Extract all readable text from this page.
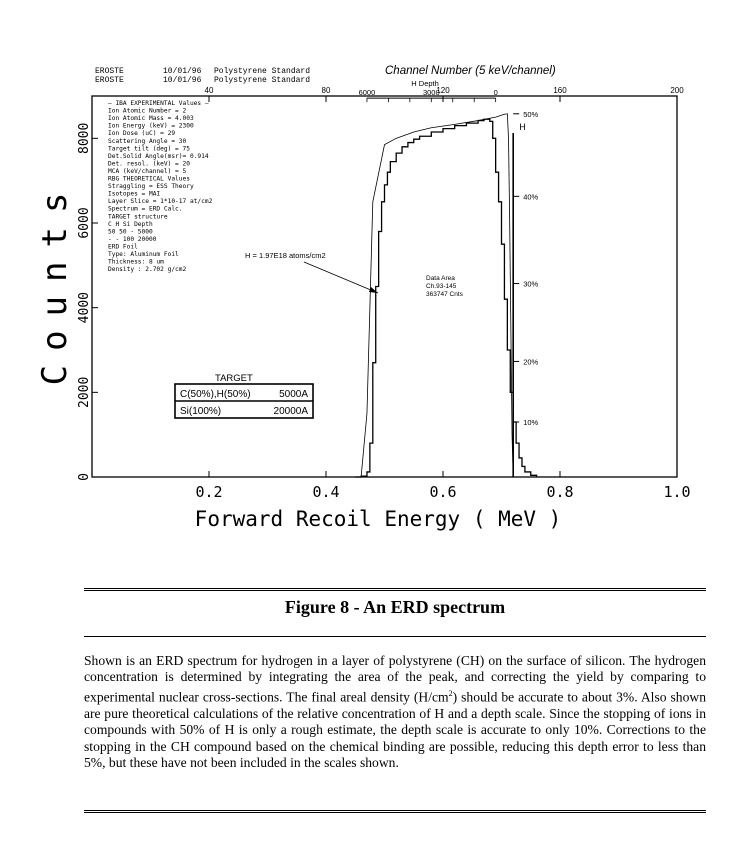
EROSTE	10/01/96 Polystyrene Standard
EROSTE	10/01/96 Polystyrene Standard
Channel Number (5 keV/channel)
0.2	0.4	0.6	0.8	1.0
0
2000
4000
6000
8000
40	80	120	160	200
Counts
Forward Recoil Energy ( MeV )
— IBA EXPERIMENTAL Values —
Ion Atomic Number = 2
Ion Atomic Mass = 4.003
Ion Energy (keV) = 2300
Ion Dose (uC) = 29
Scattering Angle = 30
Target tilt (deg) = 75
Det.Solid Angle(msr)= 0.914
Det. resol. (keV) = 20
MCA (keV/channel) = 5
RBG THEORETICAL Values
Straggling = ESS Theory
Isotopes = MAI
Layer Slice = 1*10-17 at/cm2
Spectrum = ERD Calc.
TARGET structure
C H Si Depth
50 50 - 5000
- - 100 20000
ERD Foil
Type: Aluminum Foil
Thickness: 8 um
Density : 2.702 g/cm2
TARGET
C(50%),H(50%)	5000A
Si(100%)	20000A
H = 1.97E18 atoms/cm2
Data Area
Ch.93-145
363747 Cnts
H Depth
6000	3000	0
H
50%
40%
30%
20%
10%
Figure 8 - An ERD spectrum

Shown is an ERD spectrum for hydrogen in a layer of polystyrene (CH) on the surface of silicon. The hydrogen concentration is determined by integrating the area of the peak, and correcting the yield by comparing to experimental nuclear cross-sections. The final areal density $(H/cm^2)$ should be accurate to about 3%. Also shown are pure theoretical calculations of the relative concentration of H and a depth scale. Since the stopping of ions in compounds with 50% of H is only a rough estimate, the depth scale is accurate to only 10%. Corrections to the stopping in the CH compound based on the chemical binding are possible, reducing this depth error to less than 5%, but these have not been included in the scales shown.
